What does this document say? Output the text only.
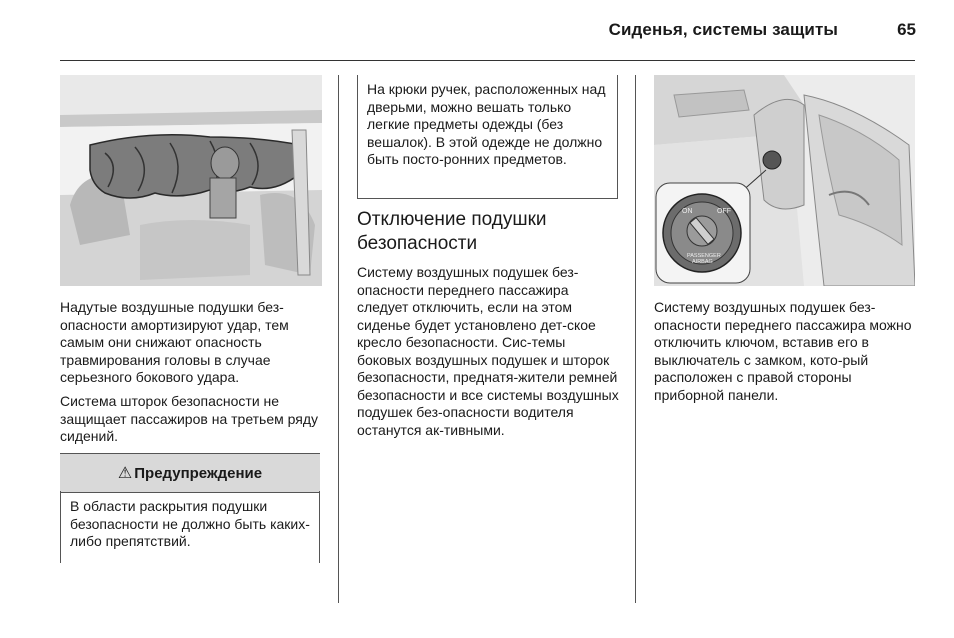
Сиденья, системы защиты	65

Надутые воздушные подушки без-опасности амортизируют удар, тем самым они снижают опасность травмирования головы в случае серьезного бокового удара.

Система шторок безопасности не защищает пассажиров на третьем ряду сидений.

⚠ Предупреждение

В области раскрытия подушки безопасности не должно быть каких-либо препятствий.

На крюки ручек, расположенных над дверьми, можно вешать только легкие предметы одежды (без вешалок). В этой одежде не должно быть посто-ронних предметов.

Отключение подушки безопасности

Систему воздушных подушек без-опасности переднего пассажира следует отключить, если на этом сиденье будет установлено дет-ское кресло безопасности. Сис-темы боковых воздушных подушек и шторок безопасности, преднатя-жители ремней безопасности и все системы воздушных подушек без-опасности водителя останутся ак-тивными.

ON	OFF
PASSENGER
AIRBAG

Систему воздушных подушек без-опасности переднего пассажира можно отключить ключом, вставив его в выключатель с замком, кото-рый расположен с правой стороны приборной панели.
